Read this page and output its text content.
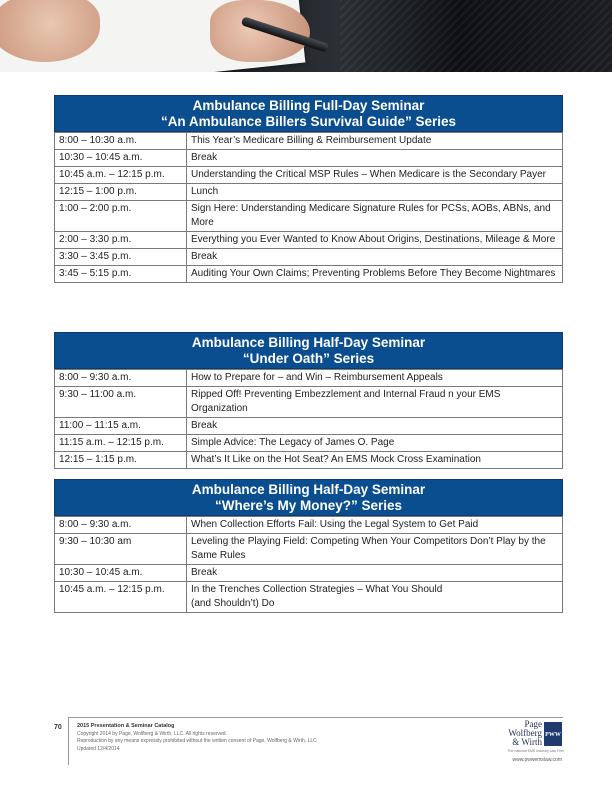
Ambulance Billing Full-Day Seminar
“An Ambulance Billers Survival Guide” Series
8:00 – 10:30 a.m.	This Year’s Medicare Billing & Reimbursement Update
10:30 – 10:45 a.m.	Break
10:45 a.m. – 12:15 p.m.	Understanding the Critical MSP Rules – When Medicare is the Secondary Payer
12:15 – 1:00 p.m.	Lunch
1:00 – 2:00 p.m.	Sign Here: Understanding Medicare Signature Rules for PCSs, AOBs, ABNs, and More
2:00 – 3:30 p.m.	Everything you Ever Wanted to Know About Origins, Destinations, Mileage & More
3:30 – 3:45 p.m.	Break
3:45 – 5:15 p.m.	Auditing Your Own Claims; Preventing Problems Before They Become Nightmares
Ambulance Billing Half-Day Seminar
“Under Oath” Series
8:00 – 9:30 a.m.	How to Prepare for – and Win – Reimbursement Appeals
9:30 – 11:00 a.m.	Ripped Off! Preventing Embezzlement and Internal Fraud n your EMS Organization
11:00 – 11:15 a.m.	Break
11:15 a.m. – 12:15 p.m.	Simple Advice: The Legacy of James O. Page
12:15 – 1:15 p.m.	What’s It Like on the Hot Seat? An EMS Mock Cross Examination
Ambulance Billing Half-Day Seminar
“Where’s My Money?” Series
8:00 – 9:30 a.m.	When Collection Efforts Fail: Using the Legal System to Get Paid
9:30 – 10:30 am	Leveling the Playing Field: Competing When Your Competitors Don’t Play by the Same Rules
10:30 – 10:45 a.m.	Break
10:45 a.m. – 12:15 p.m.	In the Trenches Collection Strategies – What You Should
(and Shouldn’t) Do
70	2015 Presentation & Seminar Catalog
Copyright 2014 by Page, Wolfberg & Wirth, LLC. All rights reserved.
Reproduction by any means expressly prohibited without the written consent of Page, Wolfberg & Wirth, LLC
Updated 12/4/2014
Page
Wolfberg
& Wirth
PWW
The national EMS Industry Law Firm
www.pwwemslaw.com
